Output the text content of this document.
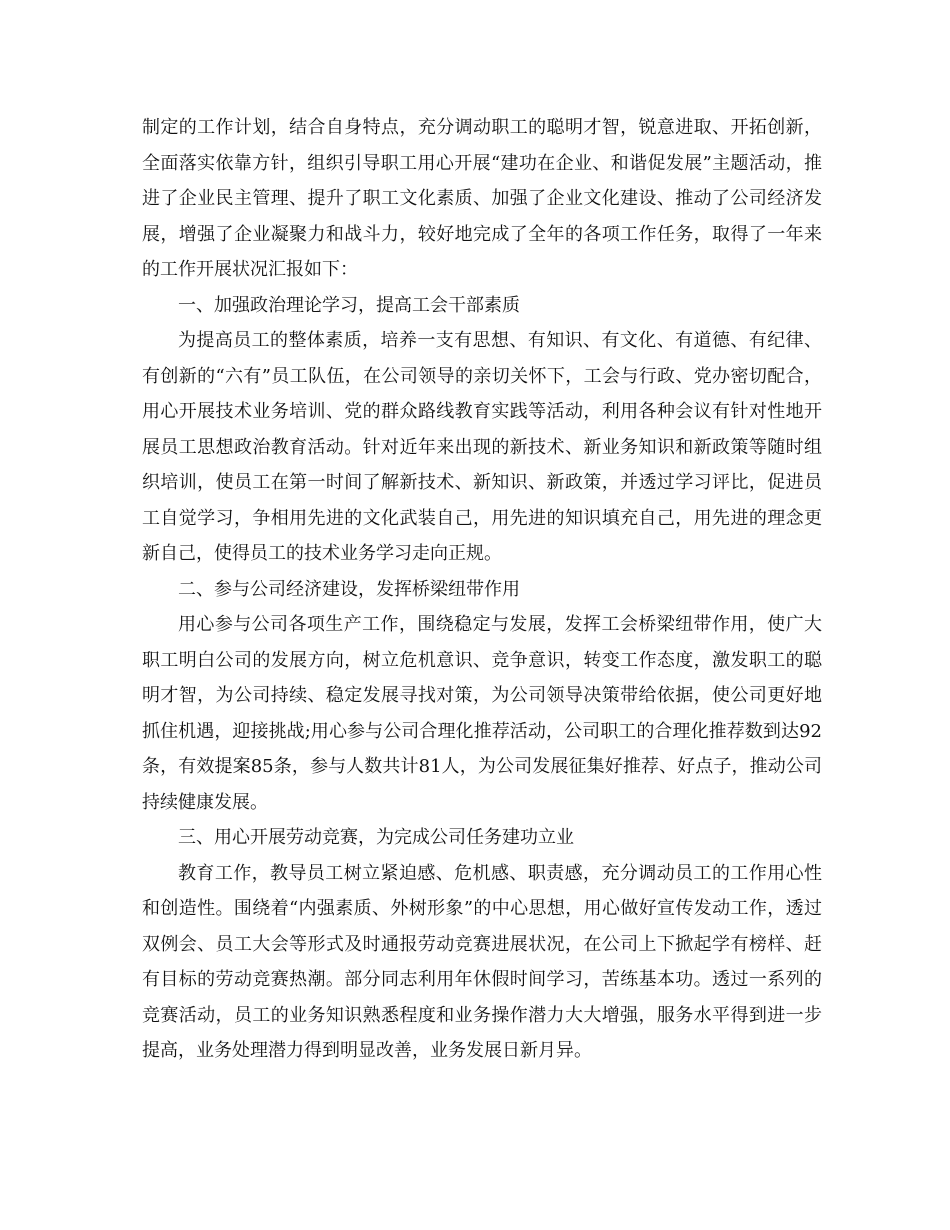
制定的工作计划，结合自身特点，充分调动职工的聪明才智，锐意进取、开拓创新，全面落实依靠方针，组织引导职工用心开展“建功在企业、和谐促发展”主题活动，推进了企业民主管理、提升了职工文化素质、加强了企业文化建设、推动了公司经济发展，增强了企业凝聚力和战斗力，较好地完成了全年的各项工作任务，取得了一年来的工作开展状况汇报如下：

一、加强政治理论学习，提高工会干部素质

为提高员工的整体素质，培养一支有思想、有知识、有文化、有道德、有纪律、有创新的“六有”员工队伍，在公司领导的亲切关怀下，工会与行政、党办密切配合，用心开展技术业务培训、党的群众路线教育实践等活动，利用各种会议有针对性地开展员工思想政治教育活动。针对近年来出现的新技术、新业务知识和新政策等随时组织培训，使员工在第一时间了解新技术、新知识、新政策，并透过学习评比，促进员工自觉学习，争相用先进的文化武装自己，用先进的知识填充自己，用先进的理念更新自己，使得员工的技术业务学习走向正规。

二、参与公司经济建设，发挥桥梁纽带作用

用心参与公司各项生产工作，围绕稳定与发展，发挥工会桥梁纽带作用，使广大职工明白公司的发展方向，树立危机意识、竞争意识，转变工作态度，激发职工的聪明才智，为公司持续、稳定发展寻找对策，为公司领导决策带给依据，使公司更好地抓住机遇，迎接挑战;用心参与公司合理化推荐活动，公司职工的合理化推荐数到达92条，有效提案85条，参与人数共计81人，为公司发展征集好推荐、好点子，推动公司持续健康发展。

三、用心开展劳动竞赛，为完成公司任务建功立业

教育工作，教导员工树立紧迫感、危机感、职责感，充分调动员工的工作用心性和创造性。围绕着“内强素质、外树形象”的中心思想，用心做好宣传发动工作，透过双例会、员工大会等形式及时通报劳动竞赛进展状况，在公司上下掀起学有榜样、赶有目标的劳动竞赛热潮。部分同志利用年休假时间学习，苦练基本功。透过一系列的竞赛活动，员工的业务知识熟悉程度和业务操作潜力大大增强，服务水平得到进一步提高，业务处理潜力得到明显改善，业务发展日新月异。
